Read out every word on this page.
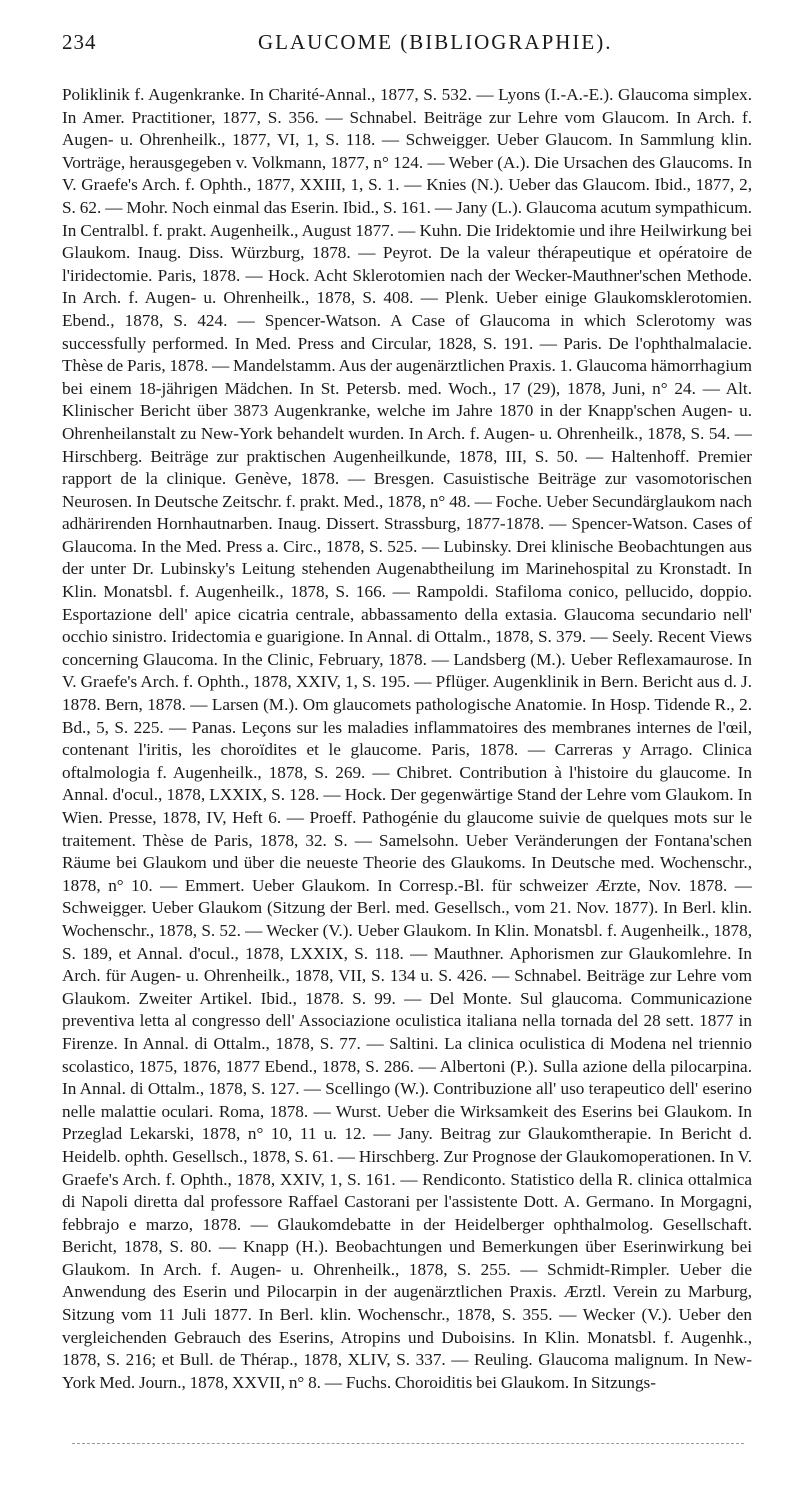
234	GLAUCOME (BIBLIOGRAPHIE).

Poliklinik f. Augenkranke. In Charité-Annal., 1877, S. 532. — Lyons (I.-A.-E.). Glaucoma simplex. In Amer. Practitioner, 1877, S. 356. — Schnabel. Beiträge zur Lehre vom Glaucom. In Arch. f. Augen- u. Ohrenheilk., 1877, VI, 1, S. 118. — Schweigger. Ueber Glaucom. In Sammlung klin. Vorträge, herausgegeben v. Volkmann, 1877, n° 124. — Weber (A.). Die Ursachen des Glaucoms. In V. Graefe's Arch. f. Ophth., 1877, XXIII, 1, S. 1. — Knies (N.). Ueber das Glaucom. Ibid., 1877, 2, S. 62. — Mohr. Noch einmal das Eserin. Ibid., S. 161. — Jany (L.). Glaucoma acutum sympathicum. In Centralbl. f. prakt. Augenheilk., August 1877. — Kuhn. Die Iridektomie und ihre Heilwirkung bei Glaukom. Inaug. Diss. Würzburg, 1878. — Peyrot. De la valeur thérapeutique et opératoire de l'iridectomie. Paris, 1878. — Hock. Acht Sklerotomien nach der Wecker-Mauthner'schen Methode. In Arch. f. Augen- u. Ohrenheilk., 1878, S. 408. — Plenk. Ueber einige Glaukomsklerotomien. Ebend., 1878, S. 424. — Spencer-Watson. A Case of Glaucoma in which Sclerotomy was successfully performed. In Med. Press and Circular, 1828, S. 191. — Paris. De l'ophthalmalacie. Thèse de Paris, 1878. — Mandelstamm. Aus der augenärztlichen Praxis. 1. Glaucoma hämorrhagium bei einem 18-jährigen Mädchen. In St. Petersb. med. Woch., 17 (29), 1878, Juni, n° 24. — Alt. Klinischer Bericht über 3873 Augenkranke, welche im Jahre 1870 in der Knapp'schen Augen- u. Ohrenheilanstalt zu New-York behandelt wurden. In Arch. f. Augen- u. Ohrenheilk., 1878, S. 54. — Hirschberg. Beiträge zur praktischen Augenheilkunde, 1878, III, S. 50. — Haltenhoff. Premier rapport de la clinique. Genève, 1878. — Bresgen. Casuistische Beiträge zur vasomotorischen Neurosen. In Deutsche Zeitschr. f. prakt. Med., 1878, n° 48. — Foche. Ueber Secundärglaukom nach adhärirenden Hornhautnarben. Inaug. Dissert. Strassburg, 1877-1878. — Spencer-Watson. Cases of Glaucoma. In the Med. Press a. Circ., 1878, S. 525. — Lubinsky. Drei klinische Beobachtungen aus der unter Dr. Lubinsky's Leitung stehenden Augenabtheilung im Marinehospital zu Kronstadt. In Klin. Monatsbl. f. Augenheilk., 1878, S. 166. — Rampoldi. Stafiloma conico, pellucido, doppio. Esportazione dell' apice cicatria centrale, abbassamento della extasia. Glaucoma secundario nell' occhio sinistro. Iridectomia e guarigione. In Annal. di Ottalm., 1878, S. 379. — Seely. Recent Views concerning Glaucoma. In the Clinic, February, 1878. — Landsberg (M.). Ueber Reflexamaurose. In V. Graefe's Arch. f. Ophth., 1878, XXIV, 1, S. 195. — Pflüger. Augenklinik in Bern. Bericht aus d. J. 1878. Bern, 1878. — Larsen (M.). Om glaucomets pathologische Anatomie. In Hosp. Tidende R., 2. Bd., 5, S. 225. — Panas. Leçons sur les maladies inflammatoires des membranes internes de l'œil, contenant l'iritis, les choroïdites et le glaucome. Paris, 1878. — Carreras y Arrago. Clinica oftalmologia f. Augenheilk., 1878, S. 269. — Chibret. Contribution à l'histoire du glaucome. In Annal. d'ocul., 1878, LXXIX, S. 128. — Hock. Der gegenwärtige Stand der Lehre vom Glaukom. In Wien. Presse, 1878, IV, Heft 6. — Proeff. Pathogénie du glaucome suivie de quelques mots sur le traitement. Thèse de Paris, 1878, 32. S. — Samelsohn. Ueber Veränderungen der Fontana'schen Räume bei Glaukom und über die neueste Theorie des Glaukoms. In Deutsche med. Wochenschr., 1878, n° 10. — Emmert. Ueber Glaukom. In Corresp.-Bl. für schweizer Ærzte, Nov. 1878. — Schweigger. Ueber Glaukom (Sitzung der Berl. med. Gesellsch., vom 21. Nov. 1877). In Berl. klin. Wochenschr., 1878, S. 52. — Wecker (V.). Ueber Glaukom. In Klin. Monatsbl. f. Augenheilk., 1878, S. 189, et Annal. d'ocul., 1878, LXXIX, S. 118. — Mauthner. Aphorismen zur Glaukomlehre. In Arch. für Augen- u. Ohrenheilk., 1878, VII, S. 134 u. S. 426. — Schnabel. Beiträge zur Lehre vom Glaukom. Zweiter Artikel. Ibid., 1878. S. 99. — Del Monte. Sul glaucoma. Communicazione preventiva letta al congresso dell' Associazione oculistica italiana nella tornada del 28 sett. 1877 in Firenze. In Annal. di Ottalm., 1878, S. 77. — Saltini. La clinica oculistica di Modena nel triennio scolastico, 1875, 1876, 1877 Ebend., 1878, S. 286. — Albertoni (P.). Sulla azione della pilocarpina. In Annal. di Ottalm., 1878, S. 127. — Scellingo (W.). Contribuzione all' uso terapeutico dell' eserino nelle malattie oculari. Roma, 1878. — Wurst. Ueber die Wirksamkeit des Eserins bei Glaukom. In Przeglad Lekarski, 1878, n° 10, 11 u. 12. — Jany. Beitrag zur Glaukomtherapie. In Bericht d. Heidelb. ophth. Gesellsch., 1878, S. 61. — Hirschberg. Zur Prognose der Glaukomoperationen. In V. Graefe's Arch. f. Ophth., 1878, XXIV, 1, S. 161. — Rendiconto. Statistico della R. clinica ottalmica di Napoli diretta dal professore Raffael Castorani per l'assistente Dott. A. Germano. In Morgagni, febbrajo e marzo, 1878. — Glaukomdebatte in der Heidelberger ophthalmolog. Gesellschaft. Bericht, 1878, S. 80. — Knapp (H.). Beobachtungen und Bemerkungen über Eserinwirkung bei Glaukom. In Arch. f. Augen- u. Ohrenheilk., 1878, S. 255. — Schmidt-Rimpler. Ueber die Anwendung des Eserin und Pilocarpin in der augenärztlichen Praxis. Ærztl. Verein zu Marburg, Sitzung vom 11 Juli 1877. In Berl. klin. Wochenschr., 1878, S. 355. — Wecker (V.). Ueber den vergleichenden Gebrauch des Eserins, Atropins und Duboisins. In Klin. Monatsbl. f. Augenhk., 1878, S. 216; et Bull. de Thérap., 1878, XLIV, S. 337. — Reuling. Glaucoma malignum. In New-York Med. Journ., 1878, XXVII, n° 8. — Fuchs. Choroiditis bei Glaukom. In Sitzungs-
